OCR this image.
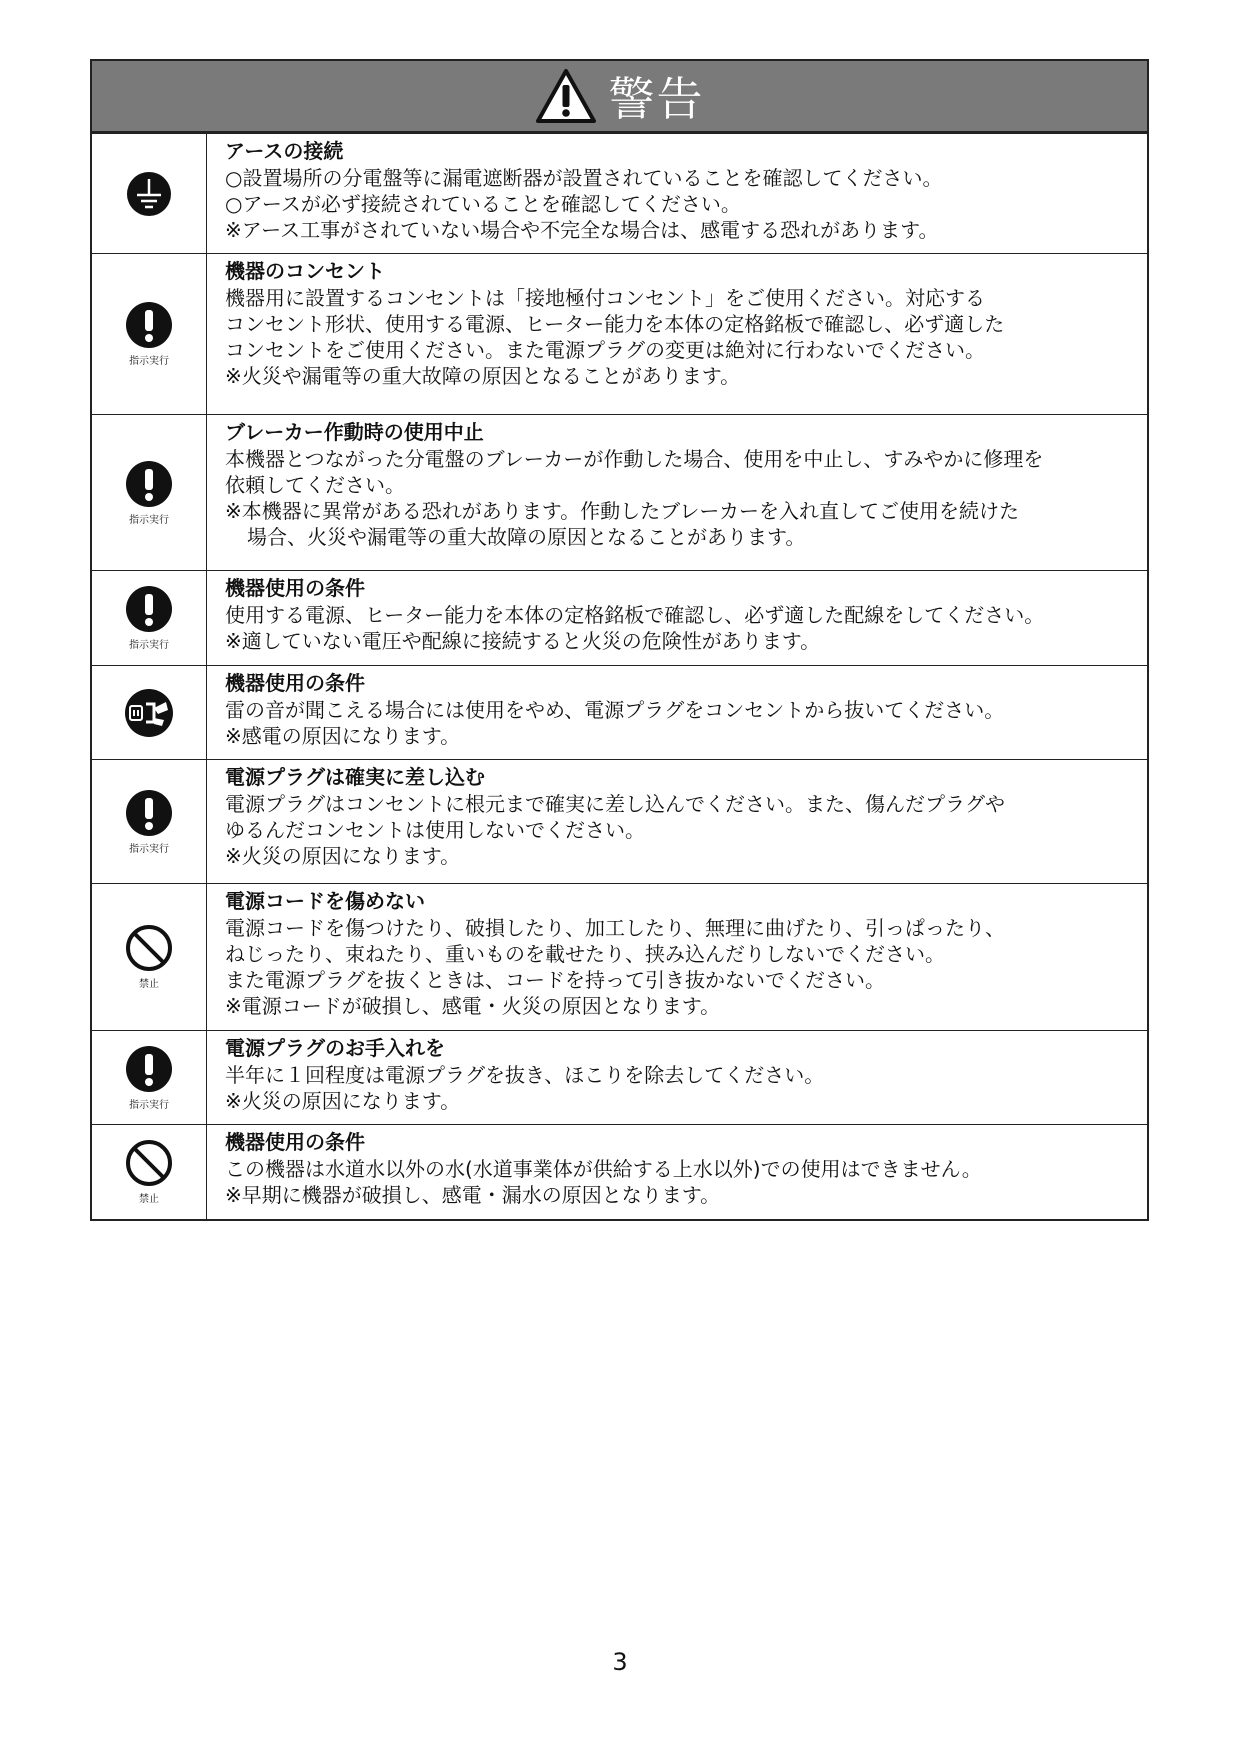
警告
アースの接続
○設置場所の分電盤等に漏電遮断器が設置されていることを確認してください。
○アースが必ず接続されていることを確認してください。
※アース工事がされていない場合や不完全な場合は、感電する恐れがあります。
指示実行
機器のコンセント
機器用に設置するコンセントは「接地極付コンセント」をご使用ください。対応する
コンセント形状、使用する電源、ヒーター能力を本体の定格銘板で確認し、必ず適した
コンセントをご使用ください。また電源プラグの変更は絶対に行わないでください。
※火災や漏電等の重大故障の原因となることがあります。
指示実行
ブレーカー作動時の使用中止
本機器とつながった分電盤のブレーカーが作動した場合、使用を中止し、すみやかに修理を
依頼してください。
※本機器に異常がある恐れがあります。作動したブレーカーを入れ直してご使用を続けた
場合、火災や漏電等の重大故障の原因となることがあります。
指示実行
機器使用の条件
使用する電源、ヒーター能力を本体の定格銘板で確認し、必ず適した配線をしてください。
※適していない電圧や配線に接続すると火災の危険性があります。
機器使用の条件
雷の音が聞こえる場合には使用をやめ、電源プラグをコンセントから抜いてください。
※感電の原因になります。
指示実行
電源プラグは確実に差し込む
電源プラグはコンセントに根元まで確実に差し込んでください。また、傷んだプラグや
ゆるんだコンセントは使用しないでください。
※火災の原因になります。
禁止
電源コードを傷めない
電源コードを傷つけたり、破損したり、加工したり、無理に曲げたり、引っぱったり、
ねじったり、束ねたり、重いものを載せたり、挟み込んだりしないでください。
また電源プラグを抜くときは、コードを持って引き抜かないでください。
※電源コードが破損し、感電・火災の原因となります。
指示実行
電源プラグのお手入れを
半年に１回程度は電源プラグを抜き、ほこりを除去してください。
※火災の原因になります。
禁止
機器使用の条件
この機器は水道水以外の水(水道事業体が供給する上水以外)での使用はできません。
※早期に機器が破損し、感電・漏水の原因となります。
3
